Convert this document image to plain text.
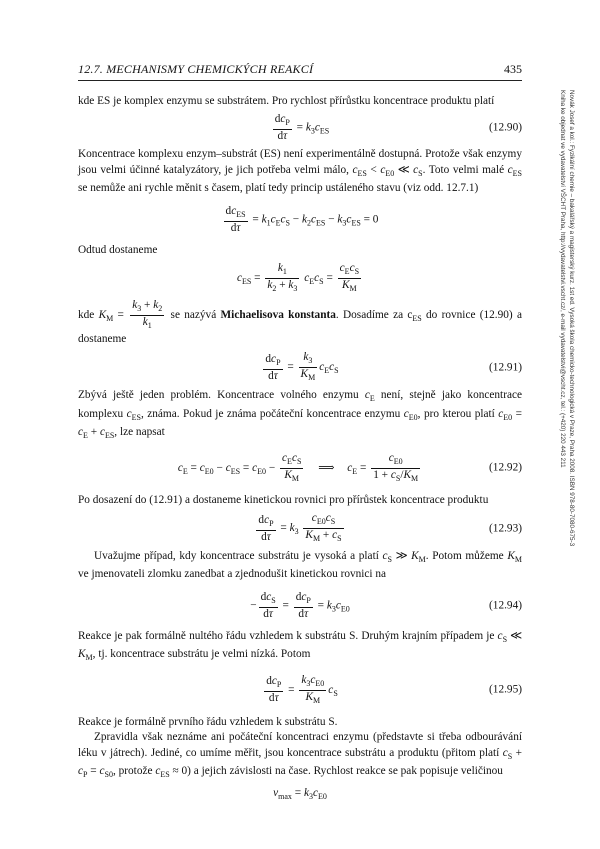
12.7. MECHANISMY CHEMICKÝCH REAKCÍ	435
Novák Josef a kol.: Fyzikální chemie – bakalářský a magisterský kurz. 1st ed. Vysoká škola chemicko-technologická v Praze, Praha 2008. ISBN 978-80-7080-675-3
Kniha ke objednat ve vydavatelství VŠCHT Praha, http://vydavatelstvi.vscht.cz/, e-mail vydavatelstvi@vscht.cz, tel.: (+420) 220 443 211

kde ES je komplex enzymu se substrátem. Pro rychlost přírůstku koncentrace produktu platí

$\frac{dc_P}{d\tau} = k_3c_{ES}$	(12.90)

Koncentrace komplexu enzym–substrát (ES) není experimentálně dostupná. Protože však enzymy jsou velmi účinné katalyzátory, je jich potřeba velmi málo, $c_{ES} < c_{E0}$ ≪ $c_S$. Toto velmi malé $c_{ES}$ se nemůže ani rychle měnit s časem, platí tedy princip ustáleného stavu (viz odd. 12.7.1)

$\frac{dc_{ES}}{d\tau} = k_1c_Ec_S - k_2c_{ES} - k_3c_{ES} = 0$

Odtud dostaneme

$c_{ES} = \frac{k_1}{k_2 + k_3} c_Ec_S = \frac{c_Ec_S}{K_M}$

kde $K_M = \frac{k_3 + k_2}{k_1}$ se nazývá Michaelisova konstanta. Dosadíme za $c_{ES}$ do rovnice (12.90) a dostaneme

$\frac{dc_P}{d\tau} = \frac{k_3}{K_M} c_Ec_S$	(12.91)

Zbývá ještě jeden problém. Koncentrace volného enzymu $c_E$ není, stejně jako koncentrace komplexu $c_{ES}$, známa. Pokud je známa počáteční koncentrace enzymu $c_{E0}$, pro kterou platí $c_{E0} = c_E + c_{ES}$, lze napsat

$c_E = c_{E0} - c_{ES} = c_{E0} - \frac{c_Ec_S}{K_M}$ ⟹ $c_E = \frac{c_{E0}}{1 + c_S/K_M}$	(12.92)

Po dosazení do (12.91) a dostaneme kinetickou rovnici pro přírůstek koncentrace produktu

$\frac{dc_P}{d\tau} = k_3 \frac{c_{E0}c_S}{K_M + c_S}$	(12.93)

Uvažujme případ, kdy koncentrace substrátu je vysoká a platí $c_S$ ≫ $K_M$. Potom můžeme $K_M$ ve jmenovateli zlomku zanedbat a zjednodušit kinetickou rovnici na

− $\frac{dc_S}{d\tau} = \frac{dc_P}{d\tau} = k_3c_{E0}$	(12.94)

Reakce je pak formálně nultého řádu vzhledem k substrátu S. Druhým krajním případem je $c_S$ ≪ $K_M$, tj. koncentrace substrátu je velmi nízká. Potom

$\frac{dc_P}{d\tau} = \frac{k_3c_{E0}}{K_M} c_S$	(12.95)

Reakce je formálně prvního řádu vzhledem k substrátu S.

Zpravidla však neznáme ani počáteční koncentraci enzymu (představte si třeba odbourávání léku v játrech). Jediné, co umíme měřit, jsou koncentrace substrátu a produktu (přitom platí $c_S + c_P = c_{S0}$, protože $c_{ES} \approx 0$) a jejich závislosti na čase. Rychlost reakce se pak popisuje veličinou

$v_{max} = k_3c_{E0}$
